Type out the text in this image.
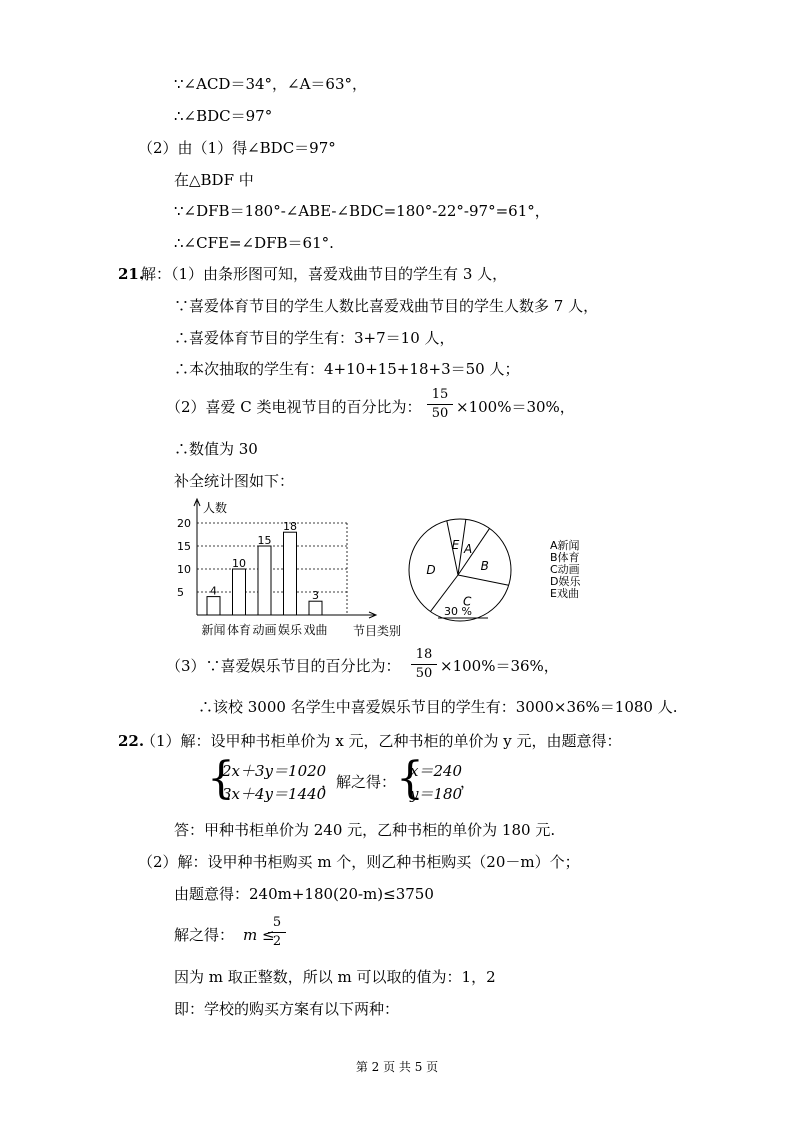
∵∠ACD＝34°，∠A＝63°，
∴∠BDC＝97°
（2）由（1）得∠BDC＝97°
在△BDF 中
∵∠DFB＝180°-∠ABE-∠BDC=180°-22°-97°=61°，
∴∠CFE=∠DFB＝61°.
21.
解：（1）由条形图可知，喜爱戏曲节目的学生有 3 人，
∵喜爱体育节目的学生人数比喜爱戏曲节目的学生人数多 7 人，
∴喜爱体育节目的学生有：3+7＝10 人，
∴本次抽取的学生有：4+10+15+18+3＝50 人；
（2）喜爱 C 类电视节目的百分比为： $\frac{15}{50} \times 100\%=30\%$，
∴数值为 30
补全统计图如下：
5
10
15
20
4
10
15
18
3
新闻 体育 动画 娱乐 戏曲
人数
节目类别
E A
B
C
D
30 %
A新闻
B体育
C动画
D娱乐
E戏曲
（3）∵喜爱娱乐节目的百分比为： $\frac{18}{50} \times 100\%=36\%$，
∴该校 3000 名学生中喜爱娱乐节目的学生有：3000×36%＝1080 人.
22.
（1）解：设甲种书柜单价为 x 元，乙种书柜的单价为 y 元，由题意得：
{
2x＋3y＝1020
3x＋4y＝1440
，解之得： {
x＝240
y＝180
，
答：甲种书柜单价为 240 元，乙种书柜的单价为 180 元.
（2）解：设甲种书柜购买 m 个，则乙种书柜购买（20－m）个；
由题意得：240m+180(20-m)≤3750
解之得： m ≤
$\frac{5}{2}$
因为 m 取正整数，所以 m 可以取的值为：1，2
即：学校的购买方案有以下两种：
第 2 页 共 5 页
